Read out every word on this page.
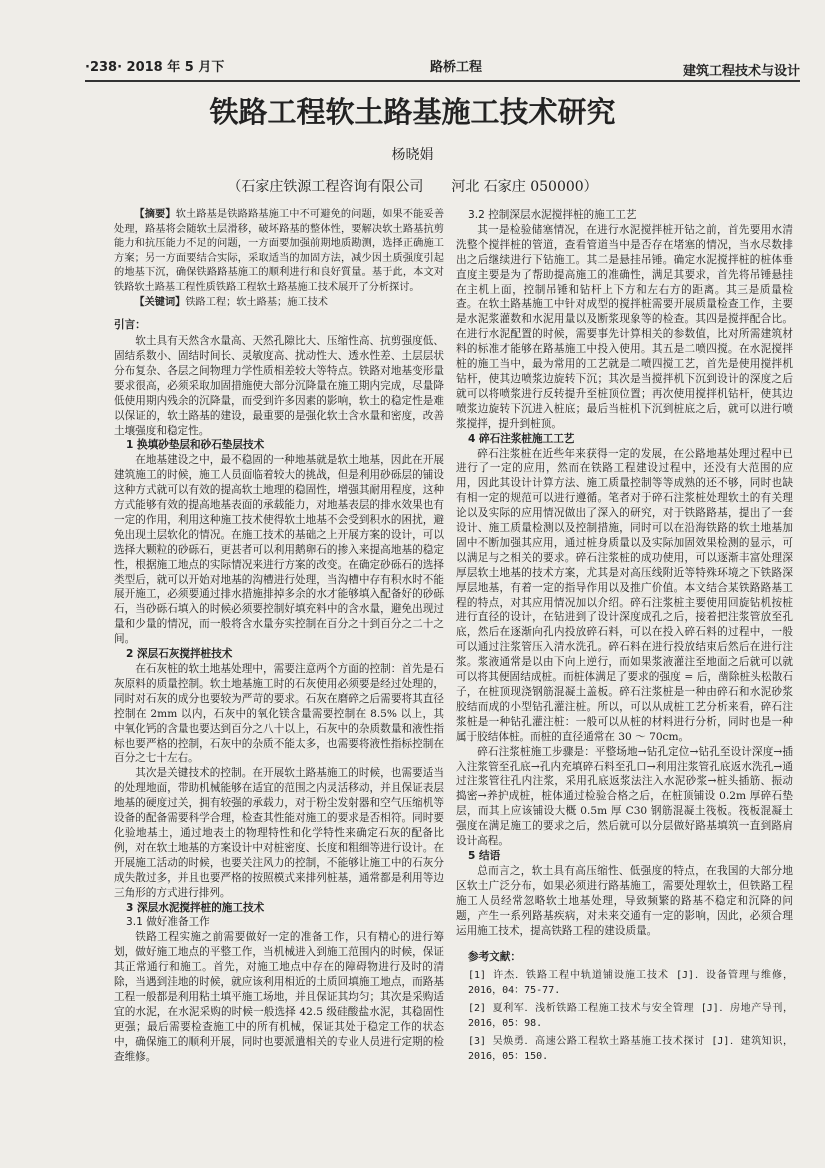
·238· 2018 年 5 月下	路桥工程	建筑工程技术与设计
铁路工程软土路基施工技术研究
杨晓娟
（石家庄铁源工程咨询有限公司　　河北 石家庄 050000）

【摘要】软土路基是铁路路基施工中不可避免的问题，如果不能妥善处理，路基将会随软土层滑移，破坏路基的整体性，要解决软土路基抗剪能力和抗压能力不足的问题，一方面要加强前期地质勘测，选择正确施工方案；另一方面要结合实际，采取适当的加固方法，减少因土质强度引起的地基下沉，确保铁路路基施工的顺利进行和良好質量。基于此，本文对铁路软土路基工程性质铁路工程软土路基施工技术展开了分析探讨。

【关键词】铁路工程；软土路基；施工技术

引言：

软土具有天然含水量高、天然孔隙比大、压缩性高、抗剪强度低、固结系数小、固结时间长、灵敏度高、扰动性大、透水性差、土层层状分布复杂、各层之间物理力学性质相差较大等特点。铁路对地基变形量要求很高，必须采取加固措施使大部分沉降量在施工期内完成，尽量降低使用期内残余的沉降量，而受到许多因素的影响，软土的稳定性是难以保证的，软土路基的建设，最重要的是强化软土含水量和密度，改善土壤强度和稳定性。

1 换填砂垫层和砂石垫层技术

在地基建设之中，最不稳固的一种地基就是软土地基，因此在开展建筑施工的时候，施工人员面临着较大的挑战，但是利用砂砾层的铺设这种方式就可以有效的提高软土地理的稳固性，增强其耐用程度，这种方式能够有效的提高地基表面的承载能力，对地基表层的排水效果也有一定的作用，利用这种施工技术使得软土地基不会受到积水的困扰，避免出现土层软化的情况。在施工技术的基础之上开展方案的设计，可以选择大颗粒的砂砾石，更甚者可以利用鹅卵石的掺入来提高地基的稳定性，根据施工地点的实际情况来进行方案的改变。在确定砂砾石的选择类型后，就可以开始对地基的沟槽进行处理，当沟槽中存有积水时不能展开施工，必须要通过排水措施排掉多余的水才能够填入配备好的砂砾石，当砂砾石填入的时候必须要控制好填充料中的含水量，避免出现过量和少量的情况，而一般将含水量夯实控制在百分之十到百分之二十之间。

2 深层石灰搅拌桩技术

在石灰桩的软土地基处理中，需要注意两个方面的控制：首先是石灰原料的质量控制。软土地基施工时的石灰使用必须要是经过处理的，同时对石灰的成分也要较为严苛的要求。石灰在磨碎之后需要将其直径控制在 2mm 以内，石灰中的氧化镁含量需要控制在 8.5% 以上，其中氧化钙的含量也要达到百分之八十以上，石灰中的杂质数量和液性指标也要严格的控制，石灰中的杂质不能太多，也需要将液性指标控制在百分之七十左右。

其次是关键技术的控制。在开展软土路基施工的时候，也需要适当的处理地面，带助机械能够在适宜的范围之内灵活移动，并且保证表层地基的硬度过关，拥有较强的承载力，对于粉尘发射器和空气压缩机等设备的配备需要科学合理，检查其性能对施工的要求是否相符。同时要化验地基土，通过地表土的物理特性和化学特性来确定石灰的配备比例，对在软土地基的方案设计中对桩密度、长度和粗细等进行设计。在开展施工活动的时候，也要关注风力的控制，不能够让施工中的石灰分成失散过多，并且也要严格的按照模式来排列桩基，通常都是利用等边三角形的方式进行排列。

3 深层水泥搅拌桩的施工技术

3.1 做好准备工作

铁路工程实施之前需要做好一定的准备工作，只有精心的进行筹划，做好施工地点的平整工作，当机械进入到施工范围内的时候，保证其正常通行和施工。首先，对施工地点中存在的障碍物进行及时的清除，当遇到洼地的时候，就应该利用相近的土质回填施工地点，而路基工程一般都是利用粘土填平施工场地，并且保证其均匀；其次是采购适宜的水泥，在水泥采购的时候一般选择 42.5 级硅酸盐水泥，其稳固性更强；最后需要检查施工中的所有机械，保证其处于稳定工作的状态中，确保施工的顺利开展，同时也要派遣相关的专业人员进行定期的检查维修。

3.2 控制深层水泥搅拌桩的施工工艺

其一是检验储塞情况，在进行水泥搅拌桩开钻之前，首先要用水清洗整个搅拌桩的管道，查看管道当中是否存在堵塞的情况，当水尽数排出之后继续进行下钻施工。其二是悬挂吊锤。确定水泥搅拌桩的桩体垂直度主要是为了帮助提高施工的准确性，满足其要求，首先将吊锤悬挂在主机上面，控制吊锤和钻杆上下方和左右方的距离。其三是质量检查。在软土路基施工中针对成型的搅拌桩需要开展质量检查工作，主要是水泥浆灌数和水泥用量以及断浆现象等的检查。其四是搅拌配合比。在进行水泥配置的时候，需要事先计算相关的参数值，比对所需建筑材料的标准才能够在路基施工中投入使用。其五是二喷四搅。在水泥搅拌桩的施工当中，最为常用的工艺就是二喷四搅工艺，首先是使用搅拌机钻杆，使其边喷浆边旋转下沉；其次是当搅拌机下沉到设计的深度之后就可以将喷浆进行反转提升至桩顶位置；再次使用搅拌机钻杆，使其边喷浆边旋转下沉进入桩底；最后当桩机下沉到桩底之后，就可以进行喷浆搅拌，提升到桩顶。

4 碎石注浆桩施工工艺

碎石注浆桩在近些年来获得一定的发展，在公路地基处理过程中已进行了一定的应用，然而在铁路工程建设过程中，还没有大范围的应用，因此其设计计算方法、施工质量控制等等成熟的还不够，同时也缺有相一定的规范可以进行遵循。笔者对于碎石注浆桩处理软土的有关理论以及实际的应用情况做出了深入的研究，对于铁路路基，提出了一套设计、施工质量检测以及控制措施，同时可以在沿海铁路的软土地基加固中不断加强其应用，通过桩身质量以及实际加固效果检测的显示，可以满足与之相关的要求。碎石注浆桩的成功使用，可以逐渐丰富处理深厚层软土地基的技术方案，尤其是对高压线附近等特殊环境之下铁路深厚层地基，有着一定的指导作用以及推广价值。本文结合某铁路路基工程的特点，对其应用情况加以介绍。碎石注浆桩主要使用回旋钻机按桩进行直径的设计，在钻进到了设计深度成孔之后，接着把注浆管放至孔底，然后在逐渐向孔内投放碎石料，可以在投入碎石料的过程中，一般可以通过注浆管压入清水洗孔。碎石料在进行投放结束后然后在进行注浆。浆液通常是以由下向上逆行，而如果浆液灌注至地面之后就可以就可以将其便固结成桩。而桩体满足了要求的强度 = 后，凿除桩头松散石子，在桩顶现浇钢筋混凝土盖板。碎石注浆桩是一种由碎石和水泥砂浆胶结而成的小型钻孔灌注桩。所以，可以从成桩工艺分析来看，碎石注浆桩是一种钻孔灌注桩：一般可以从桩的材料进行分析，同时也是一种属于胶结体桩。而桩的直径通常在 30 ～ 70cm。

碎石注浆桩施工步骤是：平整场地→钻孔定位→钻孔至设计深度→插入注浆管至孔底→孔内充填碎石料至孔口→利用注浆管孔底返水洗孔→通过注浆管往孔内注浆，采用孔底返浆法注入水泥砂浆→桩头插筋、振动捣密→养护成桩，桩体通过检验合格之后，在桩顶铺设 0.2m 厚碎石垫层，而其上应该铺设大概 0.5m 厚 C30 钢筋混凝土筏板。筏板混凝土强度在满足施工的要求之后，然后就可以分层做好路基填筑一直到路肩设计高程。

5 结语

总而言之，软土具有高压缩性、低强度的特点，在我国的大部分地区软土广泛分布，如果必须进行路基施工，需要处理软土，但铁路工程施工人员经常忽略软土地基处理，导致频繁的路基不稳定和沉降的问题，产生一系列路基疾病，对未来交通有一定的影响，因此，必须合理运用施工技术，提高铁路工程的建设质量。

参考文献：

[1] 许杰．铁路工程中轨道铺设施工技术 [J]．设备管理与维修，2016，04：75-77.

[2] 夏利军．浅析铁路工程施工技术与安全管理 [J]．房地产导刊，2016，05：98.

[3] 吴焕勇．高速公路工程软土路基施工技术探讨 [J]．建筑知识，2016，05：150.
